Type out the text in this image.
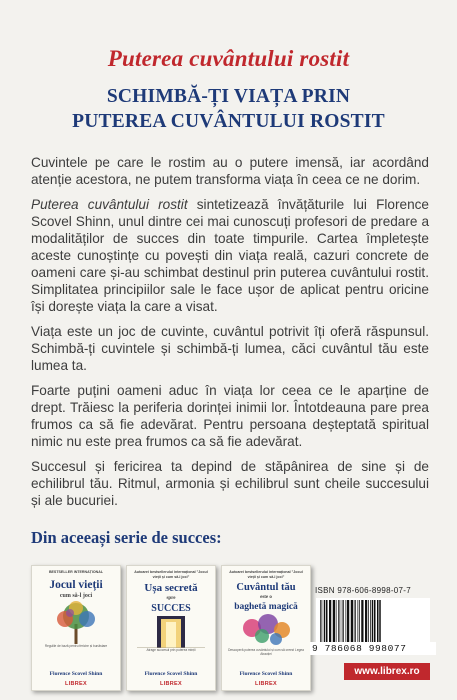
Puterea cuvântului rostit
SCHIMBĂ-ȚI VIAȚA PRIN
PUTEREA CUVÂNTULUI ROSTIT

Cuvintele pe care le rostim au o putere imensă, iar acordând atenție acestora, ne putem transforma viața în ceea ce ne dorim.

Puterea cuvântului rostit sintetizează învățăturile lui Florence Scovel Shinn, unul dintre cei mai cunoscuți profesori de predare a modalităților de succes din toate timpurile. Cartea împletește aceste cunoștințe cu povești din viața reală, cazuri concrete de oameni care și-au schimbat destinul prin puterea cuvântului rostit. Simplitatea principiilor sale le face ușor de aplicat pentru oricine își dorește viața la care a visat.

Viața este un joc de cuvinte, cuvântul potrivit îți oferă răspunsul. Schimbă-ți cuvintele și schimbă-ți lumea, căci cuvântul tău este lumea ta.

Foarte puțini oameni aduc în viața lor ceea ce le aparține de drept. Trăiesc la periferia dorinței inimii lor. Întotdeauna pare prea frumos ca să fie adevărat. Pentru persoana deșteptată spiritual nimic nu este prea frumos ca să fie adevărat.

Succesul și fericirea ta depind de stăpânirea de sine și de echilibrul tău. Ritmul, armonia și echilibrul sunt cheile succesului și ale bucuriei.

Din aceeași serie de succes:
BESTSELLER INTERNAȚIONAL
Jocul vieții
cum să-l joci
Regulile de bază pentru fericire și bunăstare
Florence Scovel Shinn
LIBREX
Autoarei bestsellerului internațional "Jocul vieții și cum să-l joci"
Ușa secretă
spre
SUCCES
Atrage succesul prin puterea minții
Florence Scovel Shinn
LIBREX
Autoarei bestsellerului internațional "Jocul vieții și cum să-l joci"
Cuvântul tău
este o
baghetă magică
Descoperă puterea cuvântului și cum să creezi Legea Atracției
Florence Scovel Shinn
LIBREX
ISBN 978-606-8998-07-7
9 786068 998077
www.librex.ro
